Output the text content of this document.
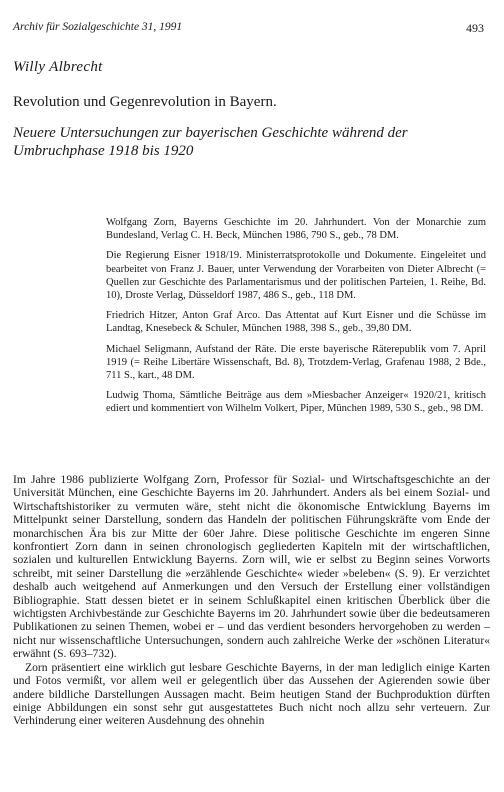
Archiv für Sozialgeschichte 31, 1991	493
Willy Albrecht
Revolution und Gegenrevolution in Bayern.
Neuere Untersuchungen zur bayerischen Geschichte während der Umbruchphase 1918 bis 1920

Wolfgang Zorn, Bayerns Geschichte im 20. Jahrhundert. Von der Monarchie zum Bundesland, Verlag C. H. Beck, München 1986, 790 S., geb., 78 DM.

Die Regierung Eisner 1918/19. Ministerratsprotokolle und Dokumente. Eingeleitet und bearbeitet von Franz J. Bauer, unter Verwendung der Vorarbeiten von Dieter Albrecht (= Quellen zur Geschichte des Parlamentarismus und der politischen Parteien, 1. Reihe, Bd. 10), Droste Verlag, Düsseldorf 1987, 486 S., geb., 118 DM.

Friedrich Hitzer, Anton Graf Arco. Das Attentat auf Kurt Eisner und die Schüsse im Landtag, Knesebeck & Schuler, München 1988, 398 S., geb., 39,80 DM.

Michael Seligmann, Aufstand der Räte. Die erste bayerische Räterepublik vom 7. April 1919 (= Reihe Libertäre Wissenschaft, Bd. 8), Trotzdem-Verlag, Grafenau 1988, 2 Bde., 711 S., kart., 48 DM.

Ludwig Thoma, Sämtliche Beiträge aus dem »Miesbacher Anzeiger« 1920/21, kritisch ediert und kommentiert von Wilhelm Volkert, Piper, München 1989, 530 S., geb., 98 DM.

Im Jahre 1986 publizierte Wolfgang Zorn, Professor für Sozial- und Wirtschaftsgeschichte an der Universität München, eine Geschichte Bayerns im 20. Jahrhundert. Anders als bei einem Sozial- und Wirtschaftshistoriker zu vermuten wäre, steht nicht die ökonomische Entwicklung Bayerns im Mittelpunkt seiner Darstellung, sondern das Handeln der politischen Führungskräfte vom Ende der monarchischen Ära bis zur Mitte der 60er Jahre. Diese politische Geschichte im engeren Sinne konfrontiert Zorn dann in seinen chronologisch gegliederten Kapiteln mit der wirtschaftlichen, sozialen und kulturellen Entwicklung Bayerns. Zorn will, wie er selbst zu Beginn seines Vorworts schreibt, mit seiner Darstellung die »erzählende Geschichte« wieder »beleben« (S. 9). Er verzichtet deshalb auch weitgehend auf Anmerkungen und den Versuch der Erstellung einer vollständigen Bibliographie. Statt dessen bietet er in seinem Schlußkapitel einen kritischen Überblick über die wichtigsten Archivbestände zur Geschichte Bayerns im 20. Jahrhundert sowie über die bedeutsameren Publikationen zu seinen Themen, wobei er – und das verdient besonders hervorgehoben zu werden – nicht nur wissenschaftliche Untersuchungen, sondern auch zahlreiche Werke der »schönen Literatur« erwähnt (S. 693–732).

Zorn präsentiert eine wirklich gut lesbare Geschichte Bayerns, in der man lediglich einige Karten und Fotos vermißt, vor allem weil er gelegentlich über das Aussehen der Agierenden sowie über andere bildliche Darstellungen Aussagen macht. Beim heutigen Stand der Buchproduktion dürften einige Abbildungen ein sonst sehr gut ausgestattetes Buch nicht noch allzu sehr verteuern. Zur Verhinderung einer weiteren Ausdehnung des ohnehin
